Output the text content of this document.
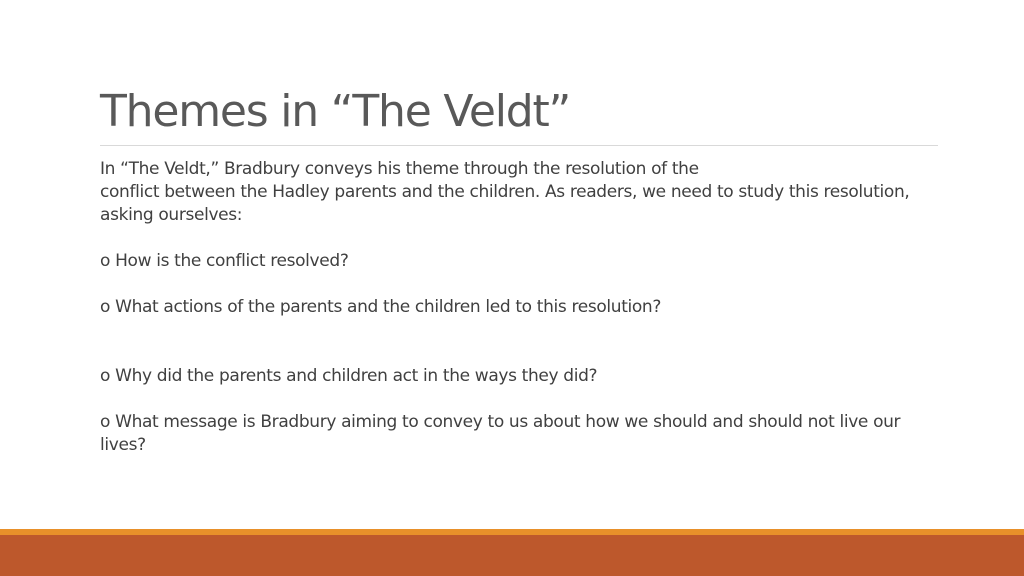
Themes in “The Veldt”

In “The Veldt,” Bradbury conveys his theme through the resolution of the
conflict between the Hadley parents and the children. As readers, we need to study this resolution, asking ourselves:

o How is the conflict resolved?

o What actions of the parents and the children led to this resolution?

o Why did the parents and children act in the ways they did?

o What message is Bradbury aiming to convey to us about how we should and should not live our lives?
